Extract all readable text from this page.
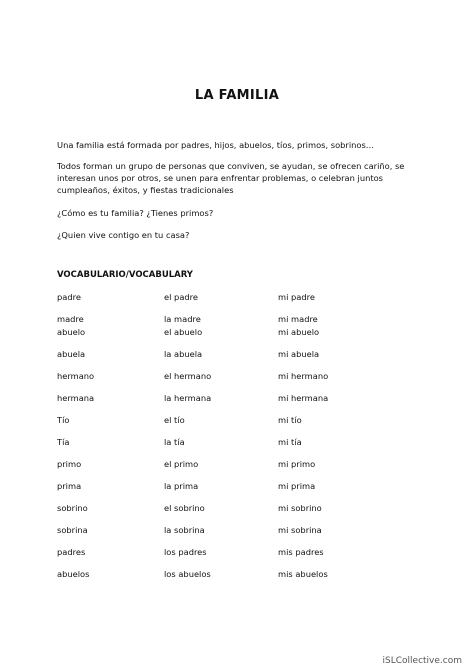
LA FAMILIA

Una familia está formada por padres, hijos, abuelos, tíos, primos, sobrinos…

Todos forman un grupo de personas que conviven, se ayudan, se ofrecen cariño, se interesan unos por otros, se unen para enfrentar problemas, o celebran juntos cumpleaños, éxitos, y fiestas tradicionales

¿Cómo es tu familia? ¿Tienes primos?

¿Quien vive contigo en tu casa?

VOCABULARIO/VOCABULARY
padre	el padre	mi padre
madre	la madre	mi madre
abuelo	el abuelo	mi abuelo
abuela	la abuela	mi abuela
hermano	el hermano	mi hermano
hermana	la hermana	mi hermana
Tío	el tío	mi tío
Tía	la tía	mi tía
primo	el primo	mi primo
prima	la prima	mi prima
sobrino	el sobrino	mi sobrino
sobrina	la sobrina	mi sobrina
padres	los padres	mis padres
abuelos	los abuelos	mis abuelos
iSLCollective.com
